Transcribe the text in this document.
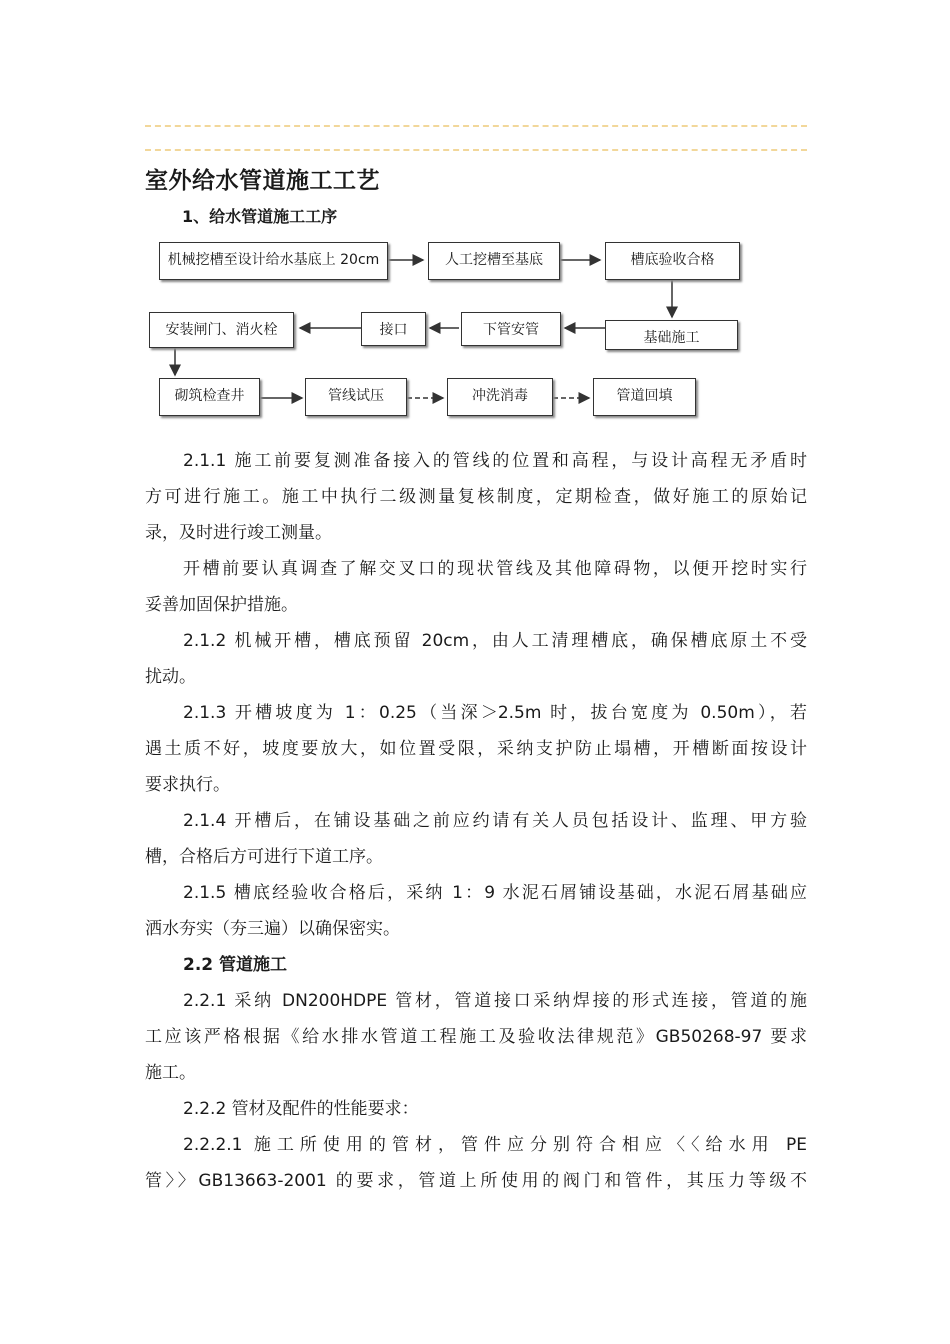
室外给水管道施工工艺
1、给水管道施工工序
机械挖槽至设计给水基底上 20cm	人工挖槽至基底	槽底验收合格
基础施工
下管安管
接口
安装闸门、消火栓
砌筑检查井	管线试压	冲洗消毒	管道回填
2.1.1 施工前要复测准备接入的管线的位置和高程，与设计高程无矛盾时
方可进行施工。施工中执行二级测量复核制度，定期检查，做好施工的原始记
录，及时进行竣工测量。
开槽前要认真调查了解交叉口的现状管线及其他障碍物，以便开挖时实行
妥善加固保护措施。
2.1.2 机械开槽，槽底预留 20cm，由人工清理槽底，确保槽底原土不受
扰动。
2.1.3 开槽坡度为 1：0.25（当深＞2.5m 时，拔台宽度为 0.50m），若
遇土质不好，坡度要放大，如位置受限，采纳支护防止塌槽，开槽断面按设计
要求执行。
2.1.4 开槽后，在铺设基础之前应约请有关人员包括设计、监理、甲方验
槽，合格后方可进行下道工序。
2.1.5 槽底经验收合格后，采纳 1：9 水泥石屑铺设基础，水泥石屑基础应
洒水夯实（夯三遍）以确保密实。
2.2 管道施工
2.2.1 采纳 DN200HDPE 管材，管道接口采纳焊接的形式连接，管道的施
工应该严格根据《给水排水管道工程施工及验收法律规范》GB50268-97 要求
施工。
2.2.2 管材及配件的性能要求：
2.2.2.1 施工所使用的管材，管件应分别符合相应〈〈给水用 PE
管〉〉GB13663-2001 的要求，管道上所使用的阀门和管件，其压力等级不
